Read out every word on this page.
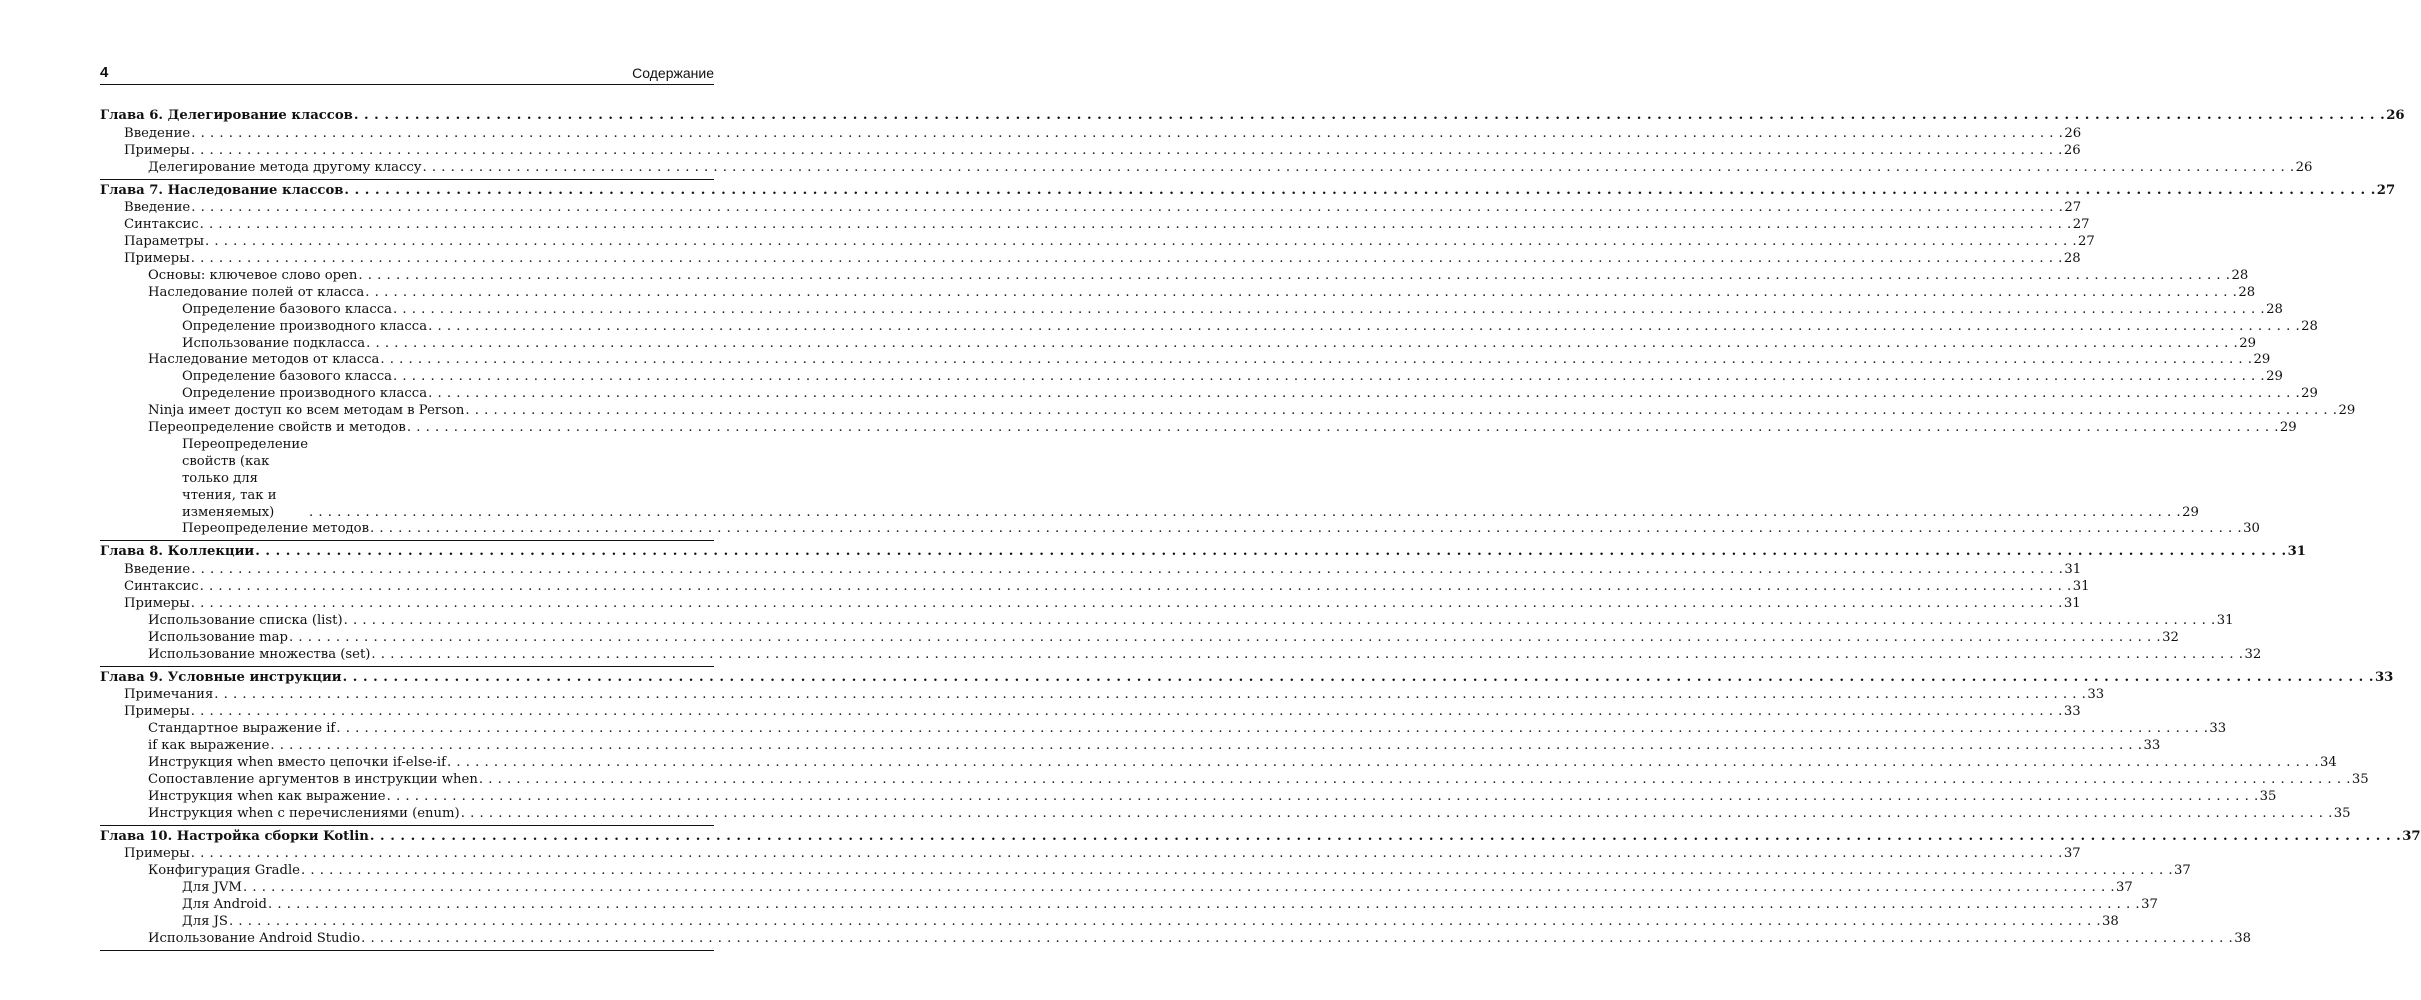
4	Содержание
Глава 6. Делегирование классов . . . . . . . . . . . . . . . . . . . . . . . . . . . . . . . . . . . . . . . . . . . . . . . . . . . . . . . . . . . . . . . . . . . . . . . . . . . . . . . . . . . . . . . . . . . . . . . . . . . . . . . . . . . . . . . . . . . . . . . . . . . . . . . . . . . . . . . . . . . . . . . . . . . . . . . . . . . . . . . . . . . . . . . . . . . . . . . . . . . . . . . . . . . . . . . . . . . . . . . . 26
Введение . . . . . . . . . . . . . . . . . . . . . . . . . . . . . . . . . . . . . . . . . . . . . . . . . . . . . . . . . . . . . . . . . . . . . . . . . . . . . . . . . . . . . . . . . . . . . . . . . . . . . . . . . . . . . . . . . . . . . . . . . . . . . . . . . . . . . . . . . . . . . . . . . . . . . . . . . . . . . . . . . . . . . . . . . . . . . . . . . . . . . . . . . . . . . . . . . . . . . . . . 26
Примеры . . . . . . . . . . . . . . . . . . . . . . . . . . . . . . . . . . . . . . . . . . . . . . . . . . . . . . . . . . . . . . . . . . . . . . . . . . . . . . . . . . . . . . . . . . . . . . . . . . . . . . . . . . . . . . . . . . . . . . . . . . . . . . . . . . . . . . . . . . . . . . . . . . . . . . . . . . . . . . . . . . . . . . . . . . . . . . . . . . . . . . . . . . . . . . . . . . . . . . . . 26
Делегирование метода другому классу . . . . . . . . . . . . . . . . . . . . . . . . . . . . . . . . . . . . . . . . . . . . . . . . . . . . . . . . . . . . . . . . . . . . . . . . . . . . . . . . . . . . . . . . . . . . . . . . . . . . . . . . . . . . . . . . . . . . . . . . . . . . . . . . . . . . . . . . . . . . . . . . . . . . . . . . . . . . . . . . . . . . . . . . . . . . . . . . . . . . . . . . . . . . . . . . . . . . . . . . 26
Глава 7. Наследование классов . . . . . . . . . . . . . . . . . . . . . . . . . . . . . . . . . . . . . . . . . . . . . . . . . . . . . . . . . . . . . . . . . . . . . . . . . . . . . . . . . . . . . . . . . . . . . . . . . . . . . . . . . . . . . . . . . . . . . . . . . . . . . . . . . . . . . . . . . . . . . . . . . . . . . . . . . . . . . . . . . . . . . . . . . . . . . . . . . . . . . . . . . . . . . . . . . . . . . . . . 27
Введение . . . . . . . . . . . . . . . . . . . . . . . . . . . . . . . . . . . . . . . . . . . . . . . . . . . . . . . . . . . . . . . . . . . . . . . . . . . . . . . . . . . . . . . . . . . . . . . . . . . . . . . . . . . . . . . . . . . . . . . . . . . . . . . . . . . . . . . . . . . . . . . . . . . . . . . . . . . . . . . . . . . . . . . . . . . . . . . . . . . . . . . . . . . . . . . . . . . . . . . . 27
Синтаксис . . . . . . . . . . . . . . . . . . . . . . . . . . . . . . . . . . . . . . . . . . . . . . . . . . . . . . . . . . . . . . . . . . . . . . . . . . . . . . . . . . . . . . . . . . . . . . . . . . . . . . . . . . . . . . . . . . . . . . . . . . . . . . . . . . . . . . . . . . . . . . . . . . . . . . . . . . . . . . . . . . . . . . . . . . . . . . . . . . . . . . . . . . . . . . . . . . . . . . . . 27
Параметры . . . . . . . . . . . . . . . . . . . . . . . . . . . . . . . . . . . . . . . . . . . . . . . . . . . . . . . . . . . . . . . . . . . . . . . . . . . . . . . . . . . . . . . . . . . . . . . . . . . . . . . . . . . . . . . . . . . . . . . . . . . . . . . . . . . . . . . . . . . . . . . . . . . . . . . . . . . . . . . . . . . . . . . . . . . . . . . . . . . . . . . . . . . . . . . . . . . . . . . . 27
Примеры . . . . . . . . . . . . . . . . . . . . . . . . . . . . . . . . . . . . . . . . . . . . . . . . . . . . . . . . . . . . . . . . . . . . . . . . . . . . . . . . . . . . . . . . . . . . . . . . . . . . . . . . . . . . . . . . . . . . . . . . . . . . . . . . . . . . . . . . . . . . . . . . . . . . . . . . . . . . . . . . . . . . . . . . . . . . . . . . . . . . . . . . . . . . . . . . . . . . . . . . 28
Основы: ключевое слово open . . . . . . . . . . . . . . . . . . . . . . . . . . . . . . . . . . . . . . . . . . . . . . . . . . . . . . . . . . . . . . . . . . . . . . . . . . . . . . . . . . . . . . . . . . . . . . . . . . . . . . . . . . . . . . . . . . . . . . . . . . . . . . . . . . . . . . . . . . . . . . . . . . . . . . . . . . . . . . . . . . . . . . . . . . . . . . . . . . . . . . . . . . . . . . . . . . . . . . . . 28
Наследование полей от класса . . . . . . . . . . . . . . . . . . . . . . . . . . . . . . . . . . . . . . . . . . . . . . . . . . . . . . . . . . . . . . . . . . . . . . . . . . . . . . . . . . . . . . . . . . . . . . . . . . . . . . . . . . . . . . . . . . . . . . . . . . . . . . . . . . . . . . . . . . . . . . . . . . . . . . . . . . . . . . . . . . . . . . . . . . . . . . . . . . . . . . . . . . . . . . . . . . . . . . . . 28
Определение базового класса . . . . . . . . . . . . . . . . . . . . . . . . . . . . . . . . . . . . . . . . . . . . . . . . . . . . . . . . . . . . . . . . . . . . . . . . . . . . . . . . . . . . . . . . . . . . . . . . . . . . . . . . . . . . . . . . . . . . . . . . . . . . . . . . . . . . . . . . . . . . . . . . . . . . . . . . . . . . . . . . . . . . . . . . . . . . . . . . . . . . . . . . . . . . . . . . . . . . . . . . 28
Определение производного класса . . . . . . . . . . . . . . . . . . . . . . . . . . . . . . . . . . . . . . . . . . . . . . . . . . . . . . . . . . . . . . . . . . . . . . . . . . . . . . . . . . . . . . . . . . . . . . . . . . . . . . . . . . . . . . . . . . . . . . . . . . . . . . . . . . . . . . . . . . . . . . . . . . . . . . . . . . . . . . . . . . . . . . . . . . . . . . . . . . . . . . . . . . . . . . . . . . . . . . . . 28
Использование подкласса . . . . . . . . . . . . . . . . . . . . . . . . . . . . . . . . . . . . . . . . . . . . . . . . . . . . . . . . . . . . . . . . . . . . . . . . . . . . . . . . . . . . . . . . . . . . . . . . . . . . . . . . . . . . . . . . . . . . . . . . . . . . . . . . . . . . . . . . . . . . . . . . . . . . . . . . . . . . . . . . . . . . . . . . . . . . . . . . . . . . . . . . . . . . . . . . . . . . . . . . 29
Наследование методов от класса . . . . . . . . . . . . . . . . . . . . . . . . . . . . . . . . . . . . . . . . . . . . . . . . . . . . . . . . . . . . . . . . . . . . . . . . . . . . . . . . . . . . . . . . . . . . . . . . . . . . . . . . . . . . . . . . . . . . . . . . . . . . . . . . . . . . . . . . . . . . . . . . . . . . . . . . . . . . . . . . . . . . . . . . . . . . . . . . . . . . . . . . . . . . . . . . . . . . . . . . 29
Определение базового класса . . . . . . . . . . . . . . . . . . . . . . . . . . . . . . . . . . . . . . . . . . . . . . . . . . . . . . . . . . . . . . . . . . . . . . . . . . . . . . . . . . . . . . . . . . . . . . . . . . . . . . . . . . . . . . . . . . . . . . . . . . . . . . . . . . . . . . . . . . . . . . . . . . . . . . . . . . . . . . . . . . . . . . . . . . . . . . . . . . . . . . . . . . . . . . . . . . . . . . . . 29
Определение производного класса . . . . . . . . . . . . . . . . . . . . . . . . . . . . . . . . . . . . . . . . . . . . . . . . . . . . . . . . . . . . . . . . . . . . . . . . . . . . . . . . . . . . . . . . . . . . . . . . . . . . . . . . . . . . . . . . . . . . . . . . . . . . . . . . . . . . . . . . . . . . . . . . . . . . . . . . . . . . . . . . . . . . . . . . . . . . . . . . . . . . . . . . . . . . . . . . . . . . . . . . 29
Ninja имеет доступ ко всем методам в Person . . . . . . . . . . . . . . . . . . . . . . . . . . . . . . . . . . . . . . . . . . . . . . . . . . . . . . . . . . . . . . . . . . . . . . . . . . . . . . . . . . . . . . . . . . . . . . . . . . . . . . . . . . . . . . . . . . . . . . . . . . . . . . . . . . . . . . . . . . . . . . . . . . . . . . . . . . . . . . . . . . . . . . . . . . . . . . . . . . . . . . . . . . . . . . . . . . . . . . . . 29
Переопределение свойств и методов . . . . . . . . . . . . . . . . . . . . . . . . . . . . . . . . . . . . . . . . . . . . . . . . . . . . . . . . . . . . . . . . . . . . . . . . . . . . . . . . . . . . . . . . . . . . . . . . . . . . . . . . . . . . . . . . . . . . . . . . . . . . . . . . . . . . . . . . . . . . . . . . . . . . . . . . . . . . . . . . . . . . . . . . . . . . . . . . . . . . . . . . . . . . . . . . . . . . . . . . 29
Переопределение свойств (как только для чтения, так и изменяемых)	. . . . . . . . . . . . . . . . . . . . . . . . . . . . . . . . . . . . . . . . . . . . . . . . . . . . . . . . . . . . . . . . . . . . . . . . . . . . . . . . . . . . . . . . . . . . . . . . . . . . . . . . . . . . . . . . . . . . . . . . . . . . . . . . . . . . . . . . . . . . . . . . . . . . . . . . . . . . . . . . . . . . . . . . . . . . . . . . . . . . . . . . . . . . . . . . . . . . . . . . 29
Переопределение методов . . . . . . . . . . . . . . . . . . . . . . . . . . . . . . . . . . . . . . . . . . . . . . . . . . . . . . . . . . . . . . . . . . . . . . . . . . . . . . . . . . . . . . . . . . . . . . . . . . . . . . . . . . . . . . . . . . . . . . . . . . . . . . . . . . . . . . . . . . . . . . . . . . . . . . . . . . . . . . . . . . . . . . . . . . . . . . . . . . . . . . . . . . . . . . . . . . . . . . . . 30
Глава 8. Коллекции . . . . . . . . . . . . . . . . . . . . . . . . . . . . . . . . . . . . . . . . . . . . . . . . . . . . . . . . . . . . . . . . . . . . . . . . . . . . . . . . . . . . . . . . . . . . . . . . . . . . . . . . . . . . . . . . . . . . . . . . . . . . . . . . . . . . . . . . . . . . . . . . . . . . . . . . . . . . . . . . . . . . . . . . . . . . . . . . . . . . . . . . . . . . . . . . . . . . . . . . 31
Введение . . . . . . . . . . . . . . . . . . . . . . . . . . . . . . . . . . . . . . . . . . . . . . . . . . . . . . . . . . . . . . . . . . . . . . . . . . . . . . . . . . . . . . . . . . . . . . . . . . . . . . . . . . . . . . . . . . . . . . . . . . . . . . . . . . . . . . . . . . . . . . . . . . . . . . . . . . . . . . . . . . . . . . . . . . . . . . . . . . . . . . . . . . . . . . . . . . . . . . . . 31
Синтаксис . . . . . . . . . . . . . . . . . . . . . . . . . . . . . . . . . . . . . . . . . . . . . . . . . . . . . . . . . . . . . . . . . . . . . . . . . . . . . . . . . . . . . . . . . . . . . . . . . . . . . . . . . . . . . . . . . . . . . . . . . . . . . . . . . . . . . . . . . . . . . . . . . . . . . . . . . . . . . . . . . . . . . . . . . . . . . . . . . . . . . . . . . . . . . . . . . . . . . . . . 31
Примеры . . . . . . . . . . . . . . . . . . . . . . . . . . . . . . . . . . . . . . . . . . . . . . . . . . . . . . . . . . . . . . . . . . . . . . . . . . . . . . . . . . . . . . . . . . . . . . . . . . . . . . . . . . . . . . . . . . . . . . . . . . . . . . . . . . . . . . . . . . . . . . . . . . . . . . . . . . . . . . . . . . . . . . . . . . . . . . . . . . . . . . . . . . . . . . . . . . . . . . . . 31
Использование списка (list) . . . . . . . . . . . . . . . . . . . . . . . . . . . . . . . . . . . . . . . . . . . . . . . . . . . . . . . . . . . . . . . . . . . . . . . . . . . . . . . . . . . . . . . . . . . . . . . . . . . . . . . . . . . . . . . . . . . . . . . . . . . . . . . . . . . . . . . . . . . . . . . . . . . . . . . . . . . . . . . . . . . . . . . . . . . . . . . . . . . . . . . . . . . . . . . . . . . . . . . . 31
Использование map . . . . . . . . . . . . . . . . . . . . . . . . . . . . . . . . . . . . . . . . . . . . . . . . . . . . . . . . . . . . . . . . . . . . . . . . . . . . . . . . . . . . . . . . . . . . . . . . . . . . . . . . . . . . . . . . . . . . . . . . . . . . . . . . . . . . . . . . . . . . . . . . . . . . . . . . . . . . . . . . . . . . . . . . . . . . . . . . . . . . . . . . . . . . . . . . . . . . . . . . 32
Использование множества (set) . . . . . . . . . . . . . . . . . . . . . . . . . . . . . . . . . . . . . . . . . . . . . . . . . . . . . . . . . . . . . . . . . . . . . . . . . . . . . . . . . . . . . . . . . . . . . . . . . . . . . . . . . . . . . . . . . . . . . . . . . . . . . . . . . . . . . . . . . . . . . . . . . . . . . . . . . . . . . . . . . . . . . . . . . . . . . . . . . . . . . . . . . . . . . . . . . . . . . . . . 32
Глава 9. Условные инструкции . . . . . . . . . . . . . . . . . . . . . . . . . . . . . . . . . . . . . . . . . . . . . . . . . . . . . . . . . . . . . . . . . . . . . . . . . . . . . . . . . . . . . . . . . . . . . . . . . . . . . . . . . . . . . . . . . . . . . . . . . . . . . . . . . . . . . . . . . . . . . . . . . . . . . . . . . . . . . . . . . . . . . . . . . . . . . . . . . . . . . . . . . . . . . . . . . . . . . . . . 33
Примечания . . . . . . . . . . . . . . . . . . . . . . . . . . . . . . . . . . . . . . . . . . . . . . . . . . . . . . . . . . . . . . . . . . . . . . . . . . . . . . . . . . . . . . . . . . . . . . . . . . . . . . . . . . . . . . . . . . . . . . . . . . . . . . . . . . . . . . . . . . . . . . . . . . . . . . . . . . . . . . . . . . . . . . . . . . . . . . . . . . . . . . . . . . . . . . . . . . . . . . . . 33
Примеры . . . . . . . . . . . . . . . . . . . . . . . . . . . . . . . . . . . . . . . . . . . . . . . . . . . . . . . . . . . . . . . . . . . . . . . . . . . . . . . . . . . . . . . . . . . . . . . . . . . . . . . . . . . . . . . . . . . . . . . . . . . . . . . . . . . . . . . . . . . . . . . . . . . . . . . . . . . . . . . . . . . . . . . . . . . . . . . . . . . . . . . . . . . . . . . . . . . . . . . . 33
Стандартное выражение if . . . . . . . . . . . . . . . . . . . . . . . . . . . . . . . . . . . . . . . . . . . . . . . . . . . . . . . . . . . . . . . . . . . . . . . . . . . . . . . . . . . . . . . . . . . . . . . . . . . . . . . . . . . . . . . . . . . . . . . . . . . . . . . . . . . . . . . . . . . . . . . . . . . . . . . . . . . . . . . . . . . . . . . . . . . . . . . . . . . . . . . . . . . . . . . . . . . . . . . . 33
if как выражение . . . . . . . . . . . . . . . . . . . . . . . . . . . . . . . . . . . . . . . . . . . . . . . . . . . . . . . . . . . . . . . . . . . . . . . . . . . . . . . . . . . . . . . . . . . . . . . . . . . . . . . . . . . . . . . . . . . . . . . . . . . . . . . . . . . . . . . . . . . . . . . . . . . . . . . . . . . . . . . . . . . . . . . . . . . . . . . . . . . . . . . . . . . . . . . . . . . . . . . . 33
Инструкция when вместо цепочки if-else-if . . . . . . . . . . . . . . . . . . . . . . . . . . . . . . . . . . . . . . . . . . . . . . . . . . . . . . . . . . . . . . . . . . . . . . . . . . . . . . . . . . . . . . . . . . . . . . . . . . . . . . . . . . . . . . . . . . . . . . . . . . . . . . . . . . . . . . . . . . . . . . . . . . . . . . . . . . . . . . . . . . . . . . . . . . . . . . . . . . . . . . . . . . . . . . . . . . . . . . . . 34
Сопоставление аргументов в инструкции when . . . . . . . . . . . . . . . . . . . . . . . . . . . . . . . . . . . . . . . . . . . . . . . . . . . . . . . . . . . . . . . . . . . . . . . . . . . . . . . . . . . . . . . . . . . . . . . . . . . . . . . . . . . . . . . . . . . . . . . . . . . . . . . . . . . . . . . . . . . . . . . . . . . . . . . . . . . . . . . . . . . . . . . . . . . . . . . . . . . . . . . . . . . . . . . . . . . . . . . . 35
Инструкция when как выражение . . . . . . . . . . . . . . . . . . . . . . . . . . . . . . . . . . . . . . . . . . . . . . . . . . . . . . . . . . . . . . . . . . . . . . . . . . . . . . . . . . . . . . . . . . . . . . . . . . . . . . . . . . . . . . . . . . . . . . . . . . . . . . . . . . . . . . . . . . . . . . . . . . . . . . . . . . . . . . . . . . . . . . . . . . . . . . . . . . . . . . . . . . . . . . . . . . . . . . . . 35
Инструкция when с перечислениями (enum) . . . . . . . . . . . . . . . . . . . . . . . . . . . . . . . . . . . . . . . . . . . . . . . . . . . . . . . . . . . . . . . . . . . . . . . . . . . . . . . . . . . . . . . . . . . . . . . . . . . . . . . . . . . . . . . . . . . . . . . . . . . . . . . . . . . . . . . . . . . . . . . . . . . . . . . . . . . . . . . . . . . . . . . . . . . . . . . . . . . . . . . . . . . . . . . . . . . . . . . . 35
Глава 10. Настройка сборки Kotlin . . . . . . . . . . . . . . . . . . . . . . . . . . . . . . . . . . . . . . . . . . . . . . . . . . . . . . . . . . . . . . . . . . . . . . . . . . . . . . . . . . . . . . . . . . . . . . . . . . . . . . . . . . . . . . . . . . . . . . . . . . . . . . . . . . . . . . . . . . . . . . . . . . . . . . . . . . . . . . . . . . . . . . . . . . . . . . . . . . . . . . . . . . . . . . . . . . . . . . . . 37
Примеры . . . . . . . . . . . . . . . . . . . . . . . . . . . . . . . . . . . . . . . . . . . . . . . . . . . . . . . . . . . . . . . . . . . . . . . . . . . . . . . . . . . . . . . . . . . . . . . . . . . . . . . . . . . . . . . . . . . . . . . . . . . . . . . . . . . . . . . . . . . . . . . . . . . . . . . . . . . . . . . . . . . . . . . . . . . . . . . . . . . . . . . . . . . . . . . . . . . . . . . . 37
Конфигурация Gradle . . . . . . . . . . . . . . . . . . . . . . . . . . . . . . . . . . . . . . . . . . . . . . . . . . . . . . . . . . . . . . . . . . . . . . . . . . . . . . . . . . . . . . . . . . . . . . . . . . . . . . . . . . . . . . . . . . . . . . . . . . . . . . . . . . . . . . . . . . . . . . . . . . . . . . . . . . . . . . . . . . . . . . . . . . . . . . . . . . . . . . . . . . . . . . . . . . . . . . . . 37
Для JVM . . . . . . . . . . . . . . . . . . . . . . . . . . . . . . . . . . . . . . . . . . . . . . . . . . . . . . . . . . . . . . . . . . . . . . . . . . . . . . . . . . . . . . . . . . . . . . . . . . . . . . . . . . . . . . . . . . . . . . . . . . . . . . . . . . . . . . . . . . . . . . . . . . . . . . . . . . . . . . . . . . . . . . . . . . . . . . . . . . . . . . . . . . . . . . . . . . . . . . . . 37
Для Android . . . . . . . . . . . . . . . . . . . . . . . . . . . . . . . . . . . . . . . . . . . . . . . . . . . . . . . . . . . . . . . . . . . . . . . . . . . . . . . . . . . . . . . . . . . . . . . . . . . . . . . . . . . . . . . . . . . . . . . . . . . . . . . . . . . . . . . . . . . . . . . . . . . . . . . . . . . . . . . . . . . . . . . . . . . . . . . . . . . . . . . . . . . . . . . . . . . . . . . . 37
Для JS . . . . . . . . . . . . . . . . . . . . . . . . . . . . . . . . . . . . . . . . . . . . . . . . . . . . . . . . . . . . . . . . . . . . . . . . . . . . . . . . . . . . . . . . . . . . . . . . . . . . . . . . . . . . . . . . . . . . . . . . . . . . . . . . . . . . . . . . . . . . . . . . . . . . . . . . . . . . . . . . . . . . . . . . . . . . . . . . . . . . . . . . . . . . . . . . . . . . . . . . 38
Использование Android Studio . . . . . . . . . . . . . . . . . . . . . . . . . . . . . . . . . . . . . . . . . . . . . . . . . . . . . . . . . . . . . . . . . . . . . . . . . . . . . . . . . . . . . . . . . . . . . . . . . . . . . . . . . . . . . . . . . . . . . . . . . . . . . . . . . . . . . . . . . . . . . . . . . . . . . . . . . . . . . . . . . . . . . . . . . . . . . . . . . . . . . . . . . . . . . . . . . . . . . . . . 38
